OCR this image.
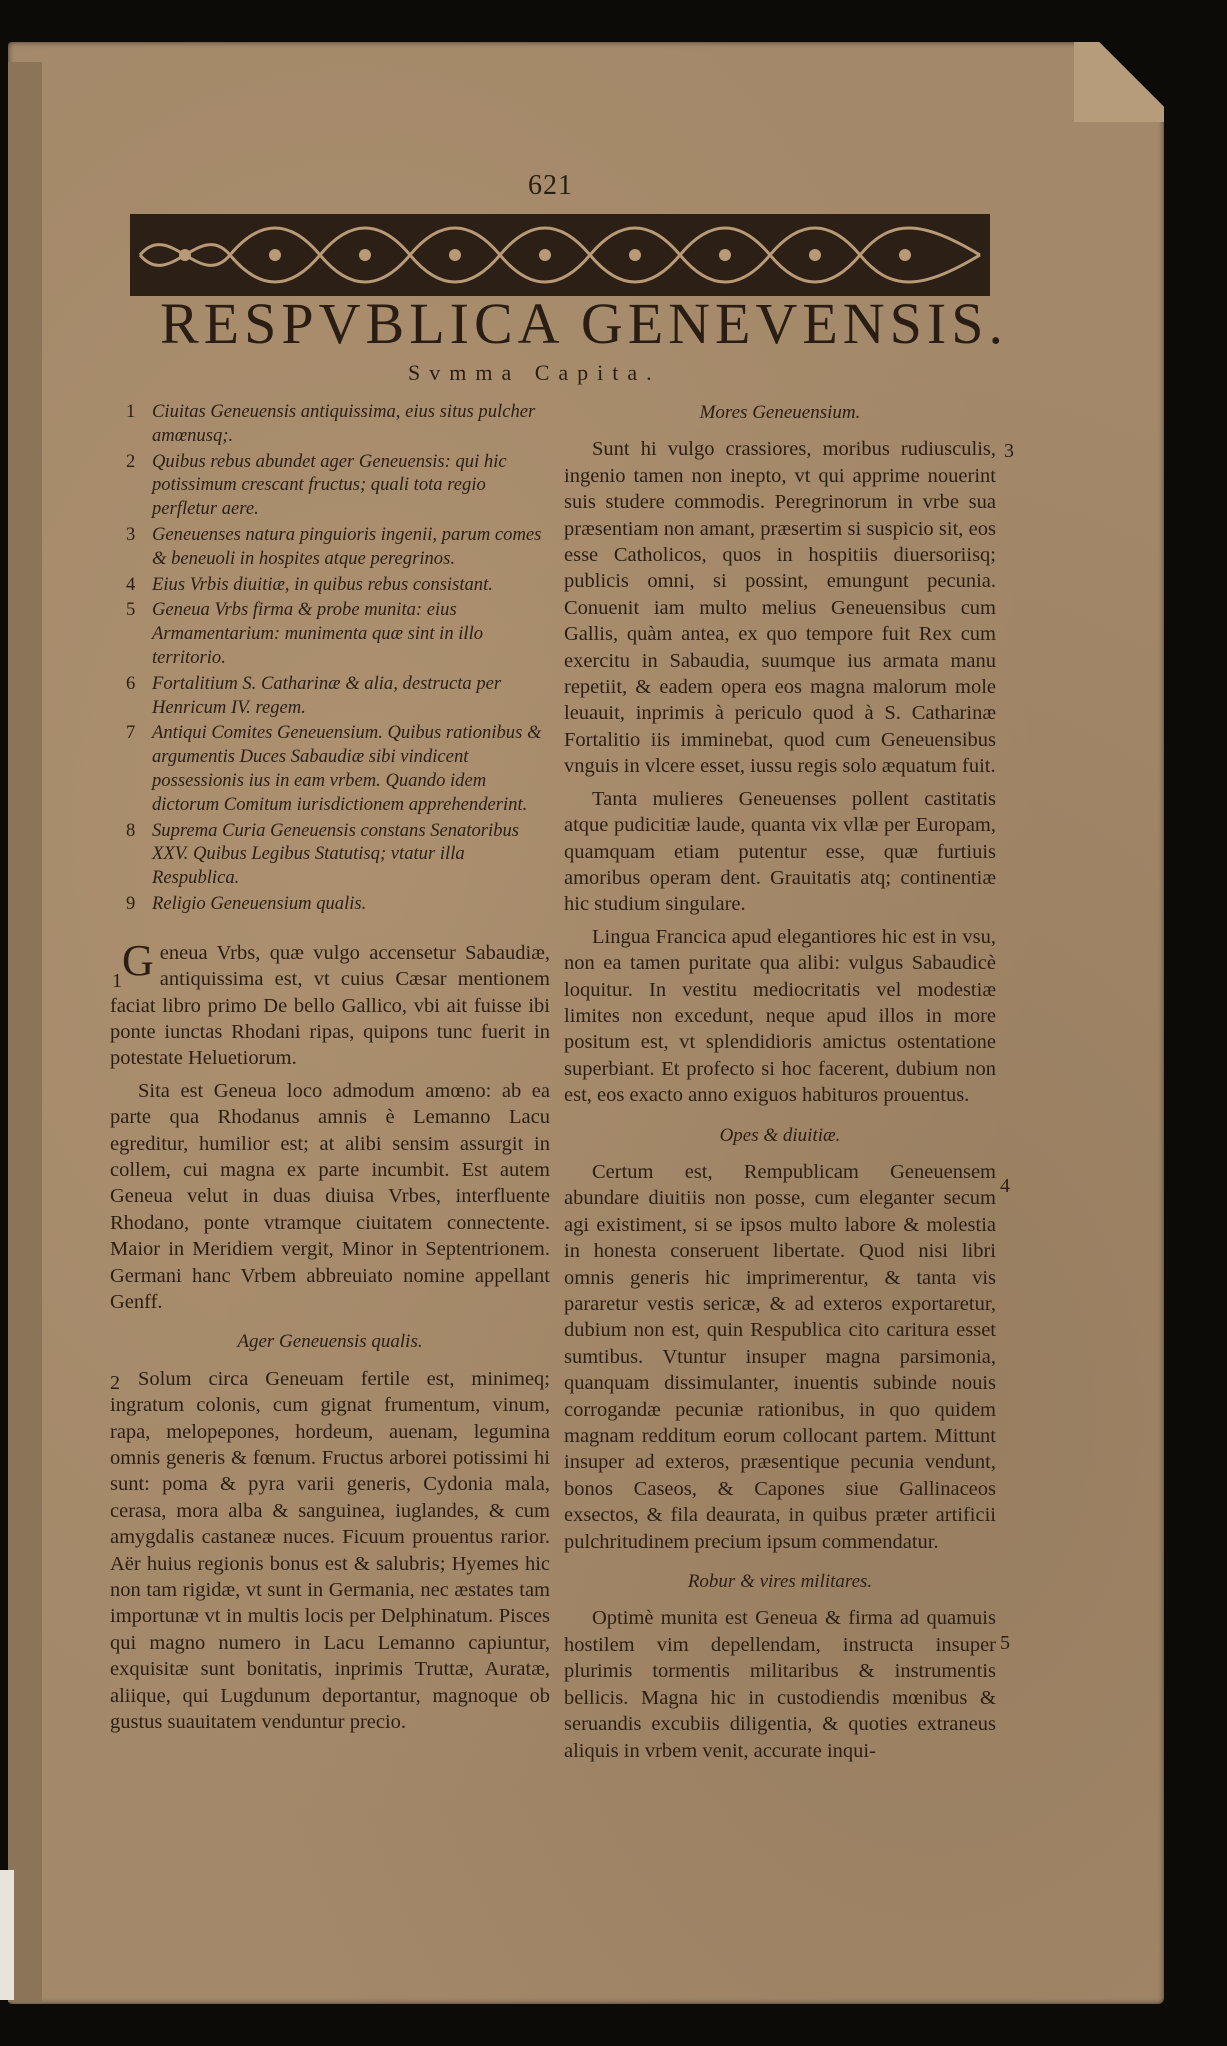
621
RESPVBLICA GENEVENSIS.
Svmma Capita.
1 Ciuitas Geneuensis antiquissima, eius situs pulcher amœnusq;.
2 Quibus rebus abundet ager Geneuensis: qui hic potissimum crescant fructus; quali tota regio perfletur aere.
3 Geneuenses natura pinguioris ingenii, parum comes & beneuoli in hospites atque peregrinos.
4 Eius Vrbis diuitiæ, in quibus rebus consistant.
5 Geneua Vrbs firma & probe munita: eius Armamentarium: munimenta quæ sint in illo territorio.
6 Fortalitium S. Catharinæ & alia, destructa per Henricum IV. regem.
7 Antiqui Comites Geneuensium. Quibus rationibus & argumentis Duces Sabaudiæ sibi vindicent possessionis ius in eam vrbem. Quando idem dictorum Comitum iurisdictionem apprehenderint.
8 Suprema Curia Geneuensis constans Senatoribus XXV. Quibus Legibus Statutisq; vtatur illa Respublica.
9 Religio Geneuensium qualis.

Geneua Vrbs, quæ vulgo accensetur Sabaudiæ, antiquissima est, vt cuius Cæsar mentionem faciat libro primo De bello Gallico, vbi ait fuisse ibi ponte iunctas Rhodani ripas, quipons tunc fuerit in potestate Heluetiorum.

Sita est Geneua loco admodum amœno: ab ea parte qua Rhodanus amnis è Lemanno Lacu egreditur, humilior est; at alibi sensim assurgit in collem, cui magna ex parte incumbit. Est autem Geneua velut in duas diuisa Vrbes, interfluente Rhodano, ponte vtramque ciuitatem connectente. Maior in Meridiem vergit, Minor in Septentrionem. Germani hanc Vrbem abbreuiato nomine appellant Genff.

Ager Geneuensis qualis.

Solum circa Geneuam fertile est, minimeq; ingratum colonis, cum gignat frumentum, vinum, rapa, melopepones, hordeum, auenam, legumina omnis generis & fœnum. Fructus arborei potissimi hi sunt: poma & pyra varii generis, Cydonia mala, cerasa, mora alba & sanguinea, iuglandes, & cum amygdalis castaneæ nuces. Ficuum prouentus rarior. Aër huius regionis bonus est & salubris; Hyemes hic non tam rigidæ, vt sunt in Germania, nec æstates tam importunæ vt in multis locis per Delphinatum. Pisces qui magno numero in Lacu Lemanno capiuntur, exquisitæ sunt bonitatis, inprimis Truttæ, Auratæ, aliique, qui Lugdunum deportantur, magnoque ob gustus suauitatem venduntur precio.

Mores Geneuensium.

Sunt hi vulgo crassiores, moribus rudiusculis, ingenio tamen non inepto, vt qui apprime nouerint suis studere commodis. Peregrinorum in vrbe sua præsentiam non amant, præsertim si suspicio sit, eos esse Catholicos, quos in hospitiis diuersoriisq; publicis omni, si possint, emungunt pecunia. Conuenit iam multo melius Geneuensibus cum Gallis, quàm antea, ex quo tempore fuit Rex cum exercitu in Sabaudia, suumque ius armata manu repetiit, & eadem opera eos magna malorum mole leuauit, inprimis à periculo quod à S. Catharinæ Fortalitio iis imminebat, quod cum Geneuensibus vnguis in vlcere esset, iussu regis solo æquatum fuit.

Tanta mulieres Geneuenses pollent castitatis atque pudicitiæ laude, quanta vix vllæ per Europam, quamquam etiam putentur esse, quæ furtiuis amoribus operam dent. Grauitatis atq; continentiæ hic studium singulare.

Lingua Francica apud elegantiores hic est in vsu, non ea tamen puritate qua alibi: vulgus Sabaudicè loquitur. In vestitu mediocritatis vel modestiæ limites non excedunt, neque apud illos in more positum est, vt splendidioris amictus ostentatione superbiant. Et profecto si hoc facerent, dubium non est, eos exacto anno exiguos habituros prouentus.

Opes & diuitiæ.

Certum est, Rempublicam Geneuensem abundare diuitiis non posse, cum eleganter secum agi existiment, si se ipsos multo labore & molestia in honesta conseruent libertate. Quod nisi libri omnis generis hic imprimerentur, & tanta vis pararetur vestis sericæ, & ad exteros exportaretur, dubium non est, quin Respublica cito caritura esset sumtibus. Vtuntur insuper magna parsimonia, quanquam dissimulanter, inuentis subinde nouis corrogandæ pecuniæ rationibus, in quo quidem magnam redditum eorum collocant partem. Mittunt insuper ad exteros, præsentique pecunia vendunt, bonos Caseos, & Capones siue Gallinaceos exsectos, & fila deaurata, in quibus præter artificii pulchritudinem precium ipsum commendatur.

Robur & vires militares.

Optimè munita est Geneua & firma ad quamuis hostilem vim depellendam, instructa insuper plurimis tormentis militaribus & instrumentis bellicis. Magna hic in custodiendis mœnibus & seruandis excubiis diligentia, & quoties extraneus aliquis in vrbem venit, accurate inqui-

1
2
3
4
5
